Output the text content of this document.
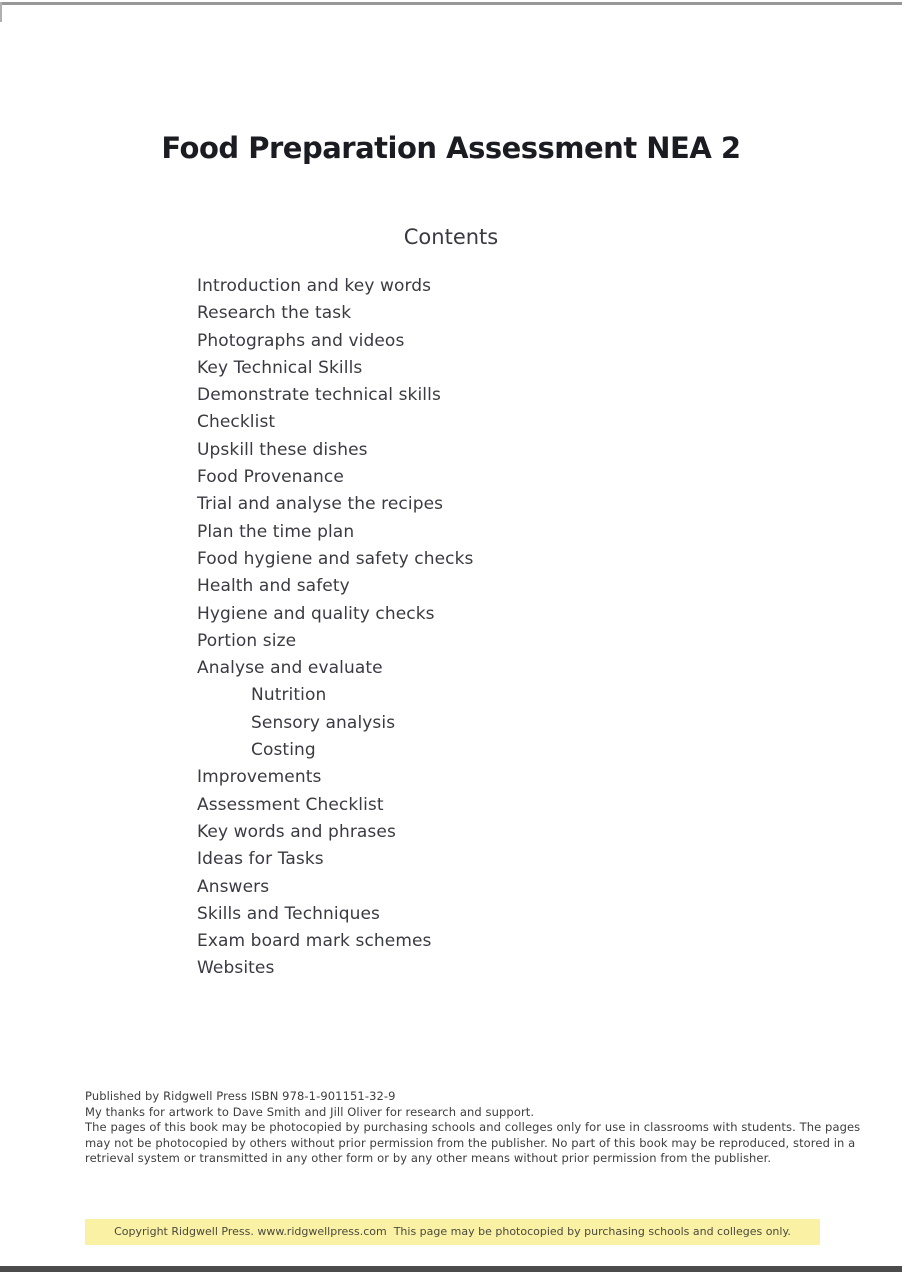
Food Preparation Assessment NEA 2
Contents
Introduction and key words
Research the task
Photographs and videos
Key Technical Skills
Demonstrate technical skills
Checklist
Upskill these dishes
Food Provenance
Trial and analyse the recipes
Plan the time plan
Food hygiene and safety checks
Health and safety
Hygiene and quality checks
Portion size
Analyse and evaluate
Nutrition
Sensory analysis
Costing
Improvements
Assessment Checklist
Key words and phrases
Ideas for Tasks
Answers
Skills and Techniques
Exam board mark schemes
Websites
Published by Ridgwell Press ISBN 978-1-901151-32-9
My thanks for artwork to Dave Smith and Jill Oliver for research and support.
The pages of this book may be photocopied by purchasing schools and colleges only for use in classrooms with students. The pages
may not be photocopied by others without prior permission from the publisher. No part of this book may be reproduced, stored in a
retrieval system or transmitted in any other form or by any other means without prior permission from the publisher.
Copyright Ridgwell Press. www.ridgwellpress.com  This page may be photocopied by purchasing schools and colleges only.
